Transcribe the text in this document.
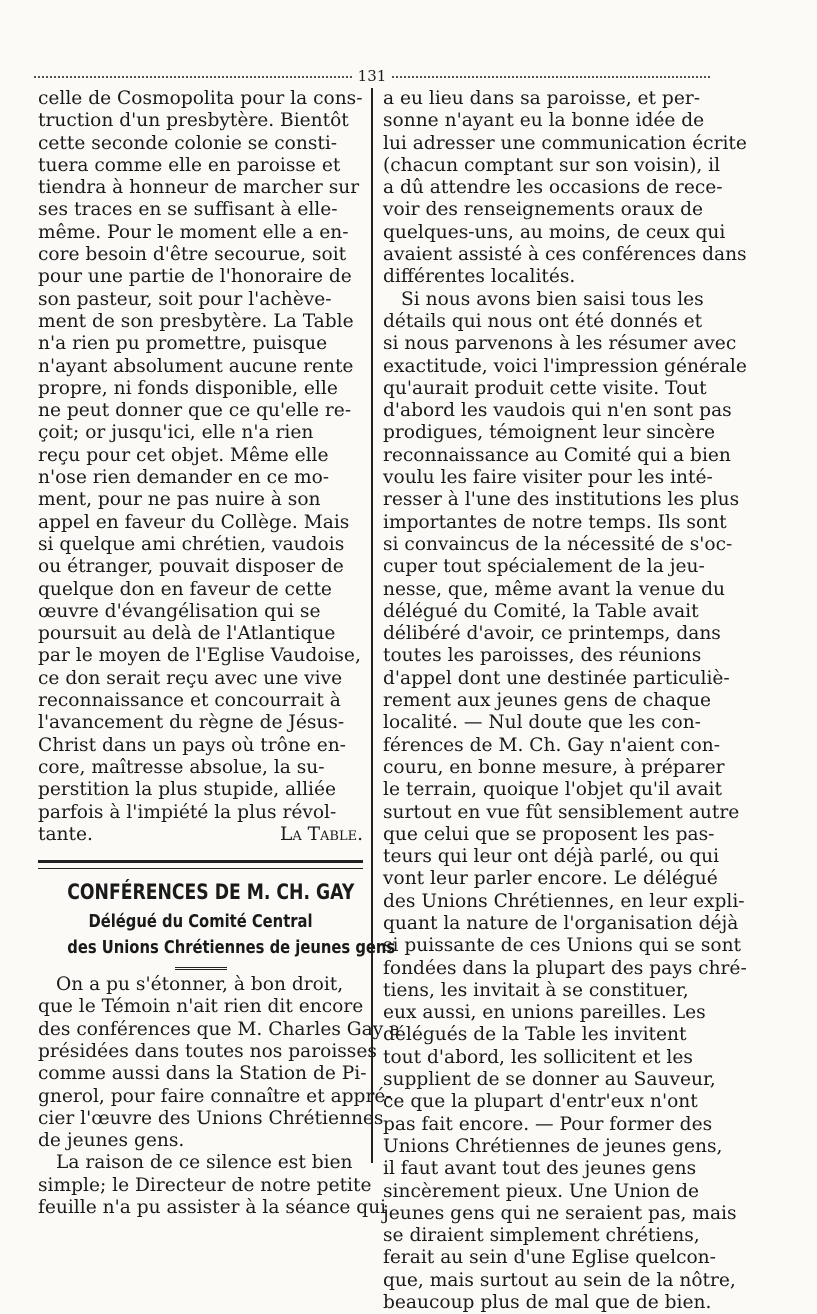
131
celle de Cosmopolita pour la cons-
truction d'un presbytère. Bientôt
cette seconde colonie se consti-
tuera comme elle en paroisse et
tiendra à honneur de marcher sur
ses traces en se suffisant à elle-
même. Pour le moment elle a en-
core besoin d'être secourue, soit
pour une partie de l'honoraire de
son pasteur, soit pour l'achève-
ment de son presbytère. La Table
n'a rien pu promettre, puisque
n'ayant absolument aucune rente
propre, ni fonds disponible, elle
ne peut donner que ce qu'elle re-
çoit; or jusqu'ici, elle n'a rien
reçu pour cet objet. Même elle
n'ose rien demander en ce mo-
ment, pour ne pas nuire à son
appel en faveur du Collège. Mais
si quelque ami chrétien, vaudois
ou étranger, pouvait disposer de
quelque don en faveur de cette
œuvre d'évangélisation qui se
poursuit au delà de l'Atlantique
par le moyen de l'Eglise Vaudoise,
ce don serait reçu avec une vive
reconnaissance et concourrait à
l'avancement du règne de Jésus-
Christ dans un pays où trône en-
core, maîtresse absolue, la su-
perstition la plus stupide, alliée
parfois à l'impiété la plus révol-
tante.	La Table.
CONFÉRENCES DE M. CH. GAY
Délégué du Comité Central
des Unions Chrétiennes de jeunes gens
On a pu s'étonner, à bon droit,
que le Témoin n'ait rien dit encore
des conférences que M. Charles Gay a
présidées dans toutes nos paroisses
comme aussi dans la Station de Pi-
gnerol, pour faire connaître et appré-
cier l'œuvre des Unions Chrétiennes
de jeunes gens.
La raison de ce silence est bien
simple; le Directeur de notre petite
feuille n'a pu assister à la séance qui
a eu lieu dans sa paroisse, et per-
sonne n'ayant eu la bonne idée de
lui adresser une communication écrite
(chacun comptant sur son voisin), il
a dû attendre les occasions de rece-
voir des renseignements oraux de
quelques-uns, au moins, de ceux qui
avaient assisté à ces conférences dans
différentes localités.
Si nous avons bien saisi tous les
détails qui nous ont été donnés et
si nous parvenons à les résumer avec
exactitude, voici l'impression générale
qu'aurait produit cette visite. Tout
d'abord les vaudois qui n'en sont pas
prodigues, témoignent leur sincère
reconnaissance au Comité qui a bien
voulu les faire visiter pour les inté-
resser à l'une des institutions les plus
importantes de notre temps. Ils sont
si convaincus de la nécessité de s'oc-
cuper tout spécialement de la jeu-
nesse, que, même avant la venue du
délégué du Comité, la Table avait
délibéré d'avoir, ce printemps, dans
toutes les paroisses, des réunions
d'appel dont une destinée particuliè-
rement aux jeunes gens de chaque
localité. — Nul doute que les con-
férences de M. Ch. Gay n'aient con-
couru, en bonne mesure, à préparer
le terrain, quoique l'objet qu'il avait
surtout en vue fût sensiblement autre
que celui que se proposent les pas-
teurs qui leur ont déjà parlé, ou qui
vont leur parler encore. Le délégué
des Unions Chrétiennes, en leur expli-
quant la nature de l'organisation déjà
si puissante de ces Unions qui se sont
fondées dans la plupart des pays chré-
tiens, les invitait à se constituer,
eux aussi, en unions pareilles. Les
délégués de la Table les invitent
tout d'abord, les sollicitent et les
supplient de se donner au Sauveur,
ce que la plupart d'entr'eux n'ont
pas fait encore. — Pour former des
Unions Chrétiennes de jeunes gens,
il faut avant tout des jeunes gens
sincèrement pieux. Une Union de
jeunes gens qui ne seraient pas, mais
se diraient simplement chrétiens,
ferait au sein d'une Eglise quelcon-
que, mais surtout au sein de la nôtre,
beaucoup plus de mal que de bien.
